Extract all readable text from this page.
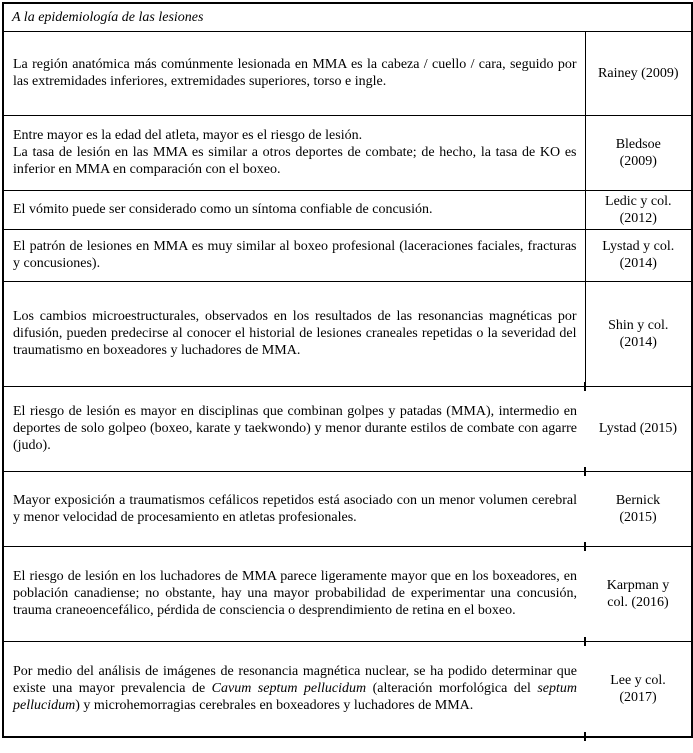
A la epidemiología de las lesiones	
La región anatómica más comúnmente lesionada en MMA es la cabeza / cuello / cara, seguido por las extremidades inferiores, extremidades superiores, torso e ingle.	Rainey (2009)
Entre mayor es la edad del atleta, mayor es el riesgo de lesión.
La tasa de lesión en las MMA es similar a otros deportes de combate; de hecho, la tasa de KO es inferior en MMA en comparación con el boxeo.	Bledsoe
(2009)
El vómito puede ser considerado como un síntoma confiable de concusión.	Ledic y col.
(2012)
El patrón de lesiones en MMA es muy similar al boxeo profesional (laceraciones faciales, fracturas y concusiones).	Lystad y col.
(2014)
Los cambios microestructurales, observados en los resultados de las resonancias magnéticas por difusión, pueden predecirse al conocer el historial de lesiones craneales repetidas o la severidad del traumatismo en boxeadores y luchadores de MMA.	Shin y col.
(2014)
El riesgo de lesión es mayor en disciplinas que combinan golpes y patadas (MMA), intermedio en deportes de solo golpeo (boxeo, karate y taekwondo) y menor durante estilos de combate con agarre (judo).	Lystad (2015)
Mayor exposición a traumatismos cefálicos repetidos está asociado con un menor volumen cerebral y menor velocidad de procesamiento en atletas profesionales.	Bernick
(2015)
El riesgo de lesión en los luchadores de MMA parece ligeramente mayor que en los boxeadores, en población canadiense; no obstante, hay una mayor probabilidad de experimentar una concusión, trauma craneoencefálico, pérdida de consciencia o desprendimiento de retina en el boxeo.	Karpman y
col. (2016)
Por medio del análisis de imágenes de resonancia magnética nuclear, se ha podido determinar que existe una mayor prevalencia de Cavum septum pellucidum (alteración morfológica del septum pellucidum) y microhemorragias cerebrales en boxeadores y luchadores de MMA.	Lee y col.
(2017)
